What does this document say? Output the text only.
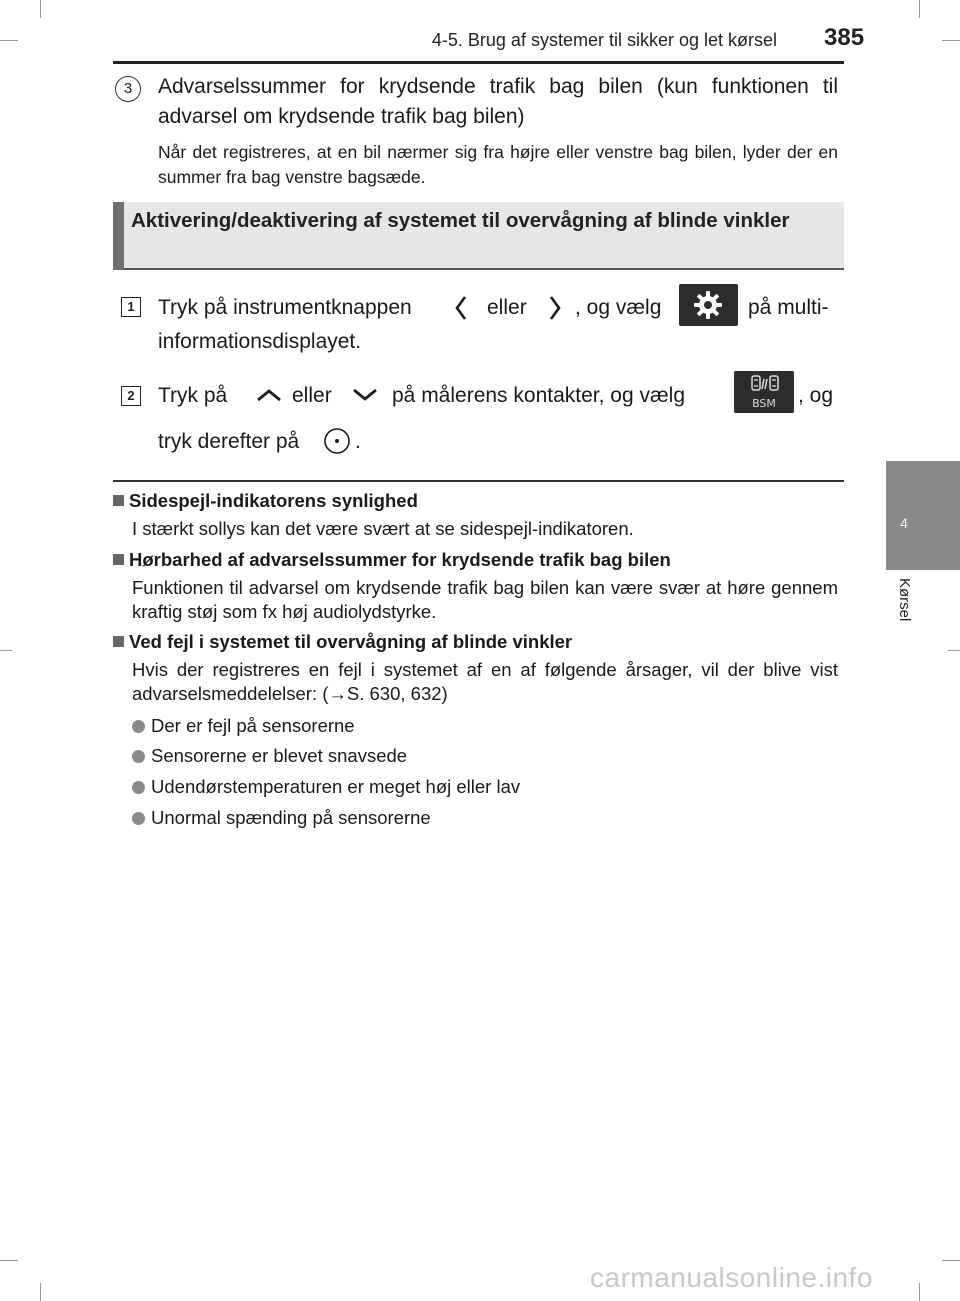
4-5. Brug af systemer til sikker og let kørsel 385
4
Kørsel
3	Advarselssummer for krydsende trafik bag bilen (kun funktionen til advarsel om krydsende trafik bag bilen)
Når det registreres, at en bil nærmer sig fra højre eller venstre bag bilen, lyder der en summer fra bag venstre bagsæde.
Aktivering/deaktivering af systemet til overvågning af blinde vinkler
1	Tryk på instrumentknappen	eller , og vælg	på multi-
informationsdisplayet.
2	Tryk på	eller	på målerens kontakter, og vælg	BSM	, og
tryk derefter på	.
Sidespejl-indikatorens synlighed
I stærkt sollys kan det være svært at se sidespejl-indikatoren.
Hørbarhed af advarselssummer for krydsende trafik bag bilen
Funktionen til advarsel om krydsende trafik bag bilen kan være svær at høre gennem kraftig støj som fx høj audiolydstyrke.
Ved fejl i systemet til overvågning af blinde vinkler
Hvis der registreres en fejl i systemet af en af følgende årsager, vil der blive vist advarselsmeddelelser: (→S. 630, 632)
Der er fejl på sensorerne
Sensorerne er blevet snavsede
Udendørstemperaturen er meget høj eller lav
Unormal spænding på sensorerne
carmanualsonline.info
